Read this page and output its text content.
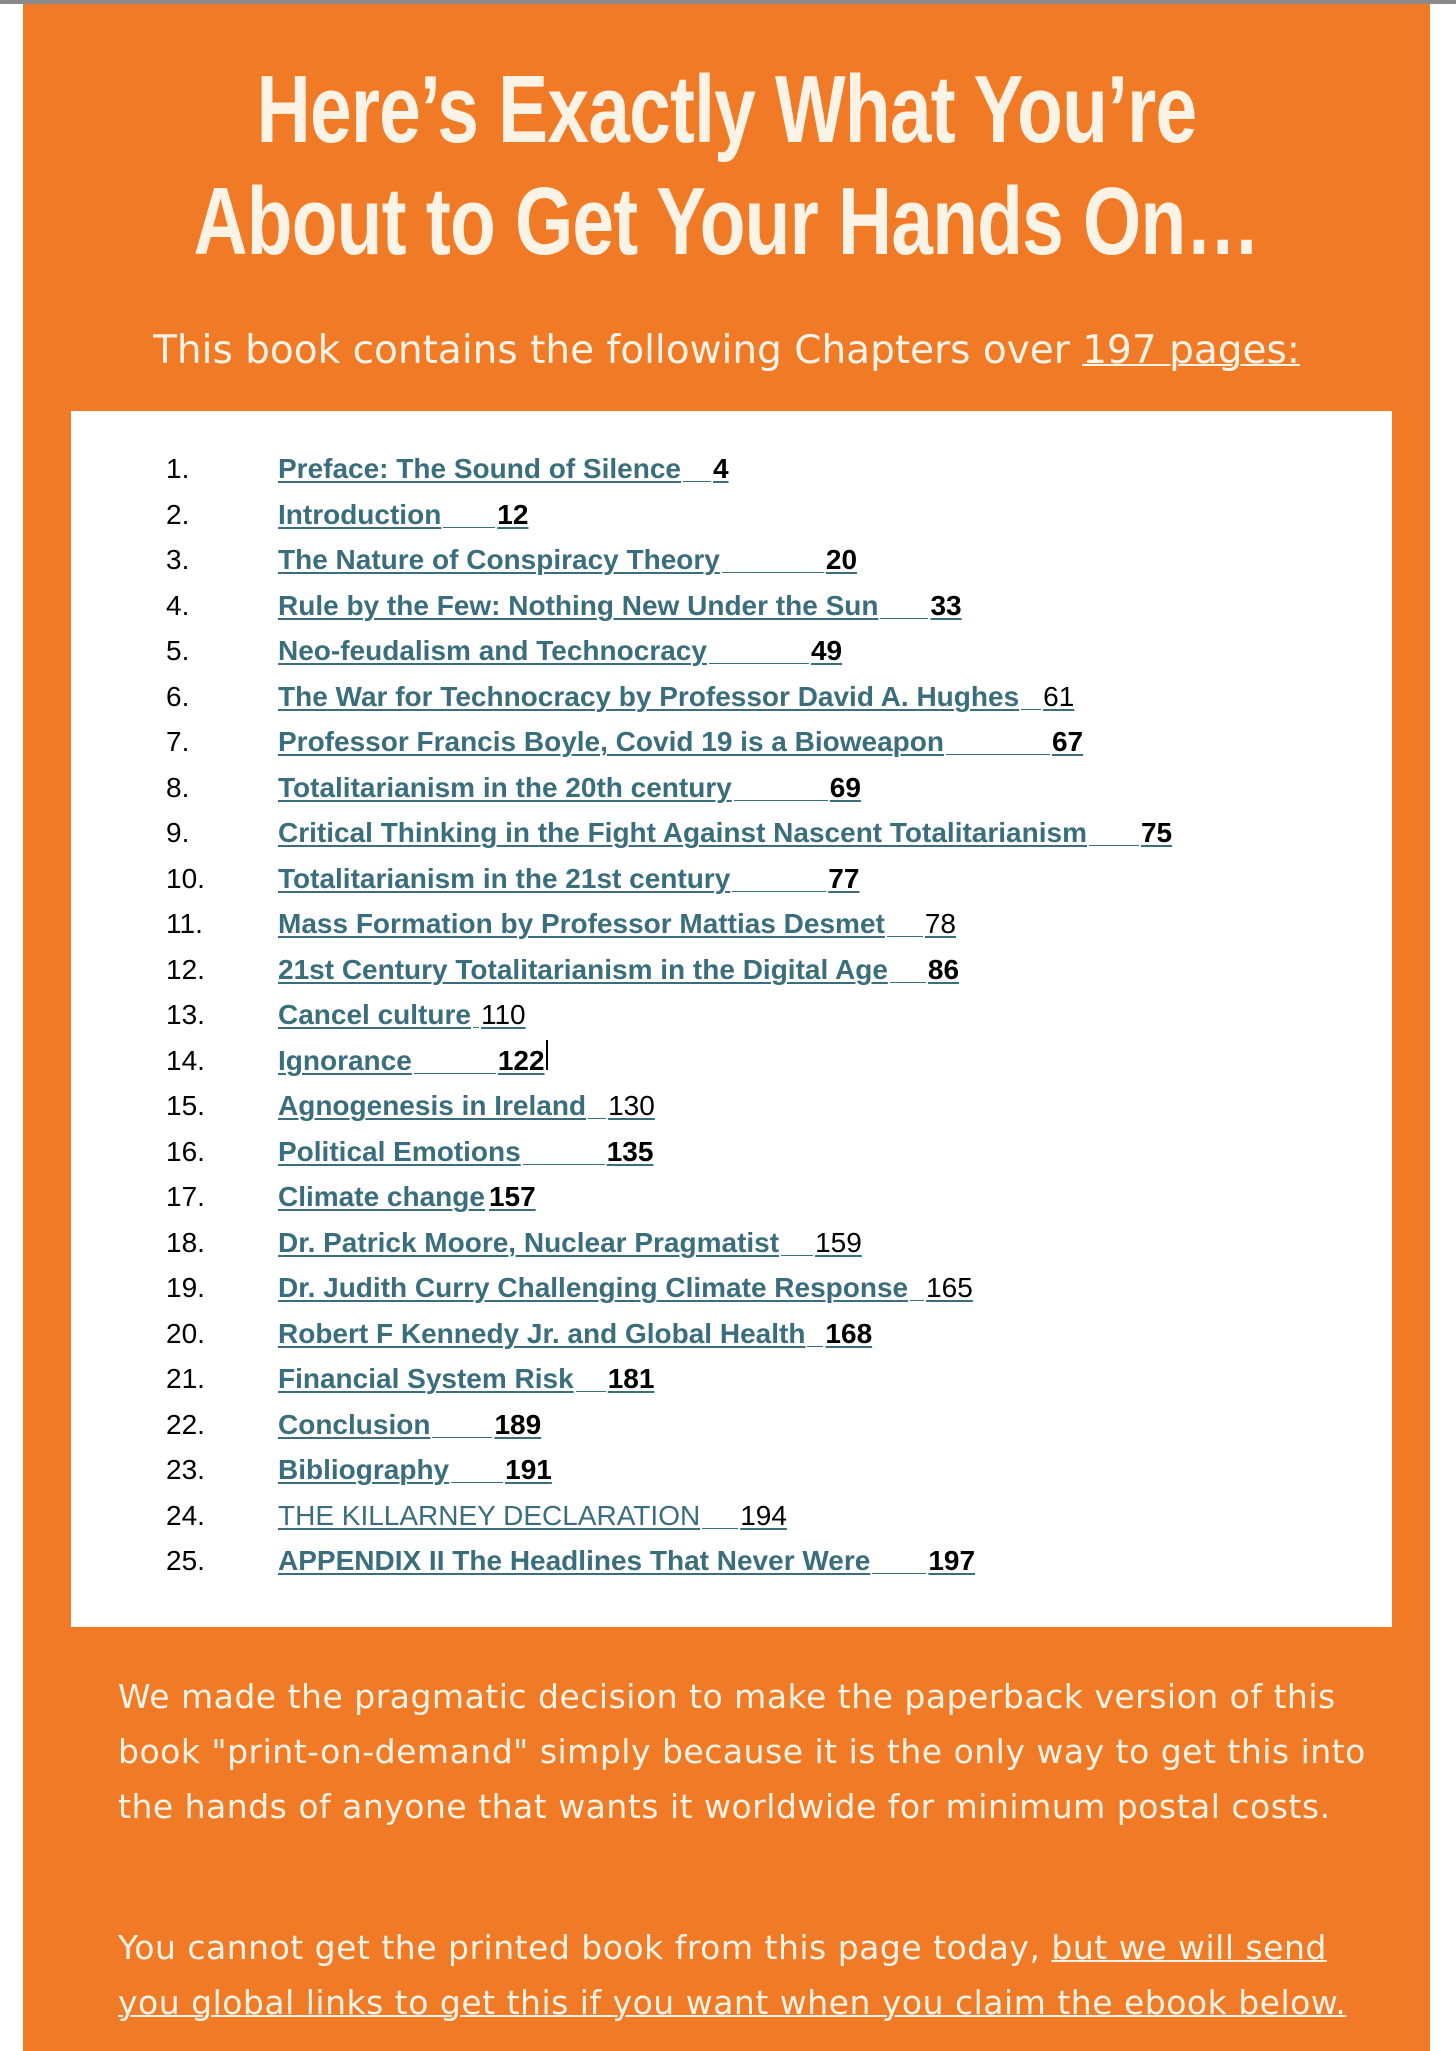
Here’s Exactly What You’re
About to Get Your Hands On…
This book contains the following Chapters over 197 pages:
1.	Preface: The Sound of Silence 4
2.	Introduction 12
3.	The Nature of Conspiracy Theory	20
4.	Rule by the Few: Nothing New Under the Sun 33
5.	Neo-feudalism and Technocracy	49
6.	The War for Technocracy by Professor David A. Hughes 61
7.	Professor Francis Boyle, Covid 19 is a Bioweapon	67
8.	Totalitarianism in the 20th century	69
9.	Critical Thinking in the Fight Against Nascent Totalitarianism 75
10.	Totalitarianism in the 21st century	77
11.	Mass Formation by Professor Mattias Desmet 78
12.	21st Century Totalitarianism in the Digital Age 86
13.	Cancel culture 110
14.	Ignorance	122
15.	Agnogenesis in Ireland 130
16.	Political Emotions	135
17.	Climate change 157
18.	Dr. Patrick Moore, Nuclear Pragmatist 159
19.	Dr. Judith Curry Challenging Climate Response 165
20.	Robert F Kennedy Jr. and Global Health 168
21.	Financial System Risk 181
22.	Conclusion 189
23.	Bibliography 191
24.	THE KILLARNEY DECLARATION 194
25.	APPENDIX II The Headlines That Never Were 197
We made the pragmatic decision to make the paperback version of this book "print-on-demand" simply because it is the only way to get this into the hands of anyone that wants it worldwide for minimum postal costs.
You cannot get the printed book from this page today, but we will send you global links to get this if you want when you claim the ebook below.
